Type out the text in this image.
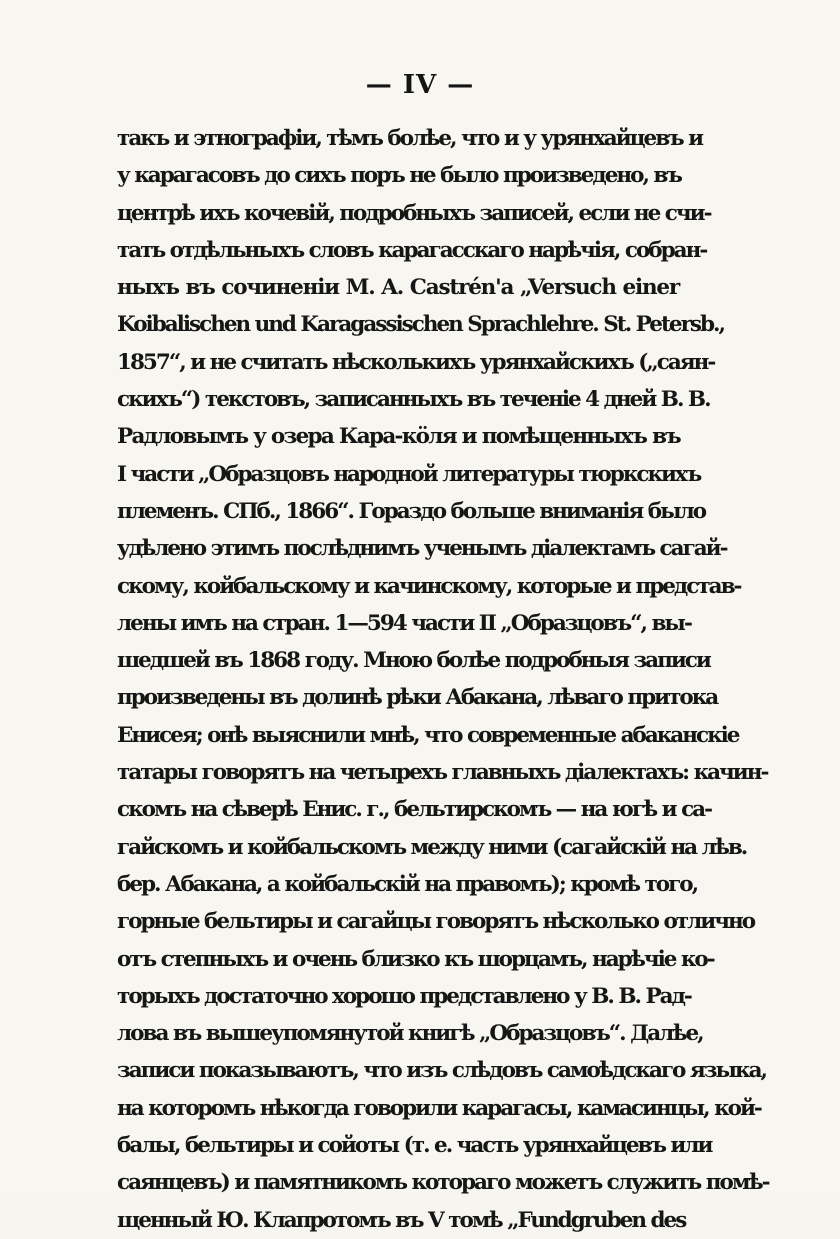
— IV —
такъ и этнографіи, тѣмъ болѣе, что и у урянхайцевъ и
у карагасовъ до сихъ поръ не было произведено, въ
центрѣ ихъ кочевій, подробныхъ записей, если не счи-
тать отдѣльныхъ словъ карагасскаго нарѣчія, собран-
ныхъ въ сочиненіи M. A. Castrén'a „Versuch einer
Koibalischen und Karagassischen Sprachlehre. St. Petersb.,
1857“, и не считать нѣсколькихъ урянхайскихъ („саян-
скихъ“) текстовъ, записанныхъ въ теченіе 4 дней В. В.
Радловымъ у озера Кара-кӧля и помѣщенныхъ въ
I части „Образцовъ народной литературы тюркскихъ
племенъ. СПб., 1866“. Гораздо больше вниманія было
удѣлено этимъ послѣднимъ ученымъ діалектамъ сагай-
скому, койбальскому и качинскому, которые и представ-
лены имъ на стран. 1—594 части II „Образцовъ“, вы-
шедшей въ 1868 году. Мною болѣе подробныя записи
произведены въ долинѣ рѣки Абакана, лѣваго притока
Енисея; онѣ выяснили мнѣ, что современные абаканскіе
татары говорятъ на четырехъ главныхъ діалектахъ: качин-
скомъ на сѣверѣ Енис. г., бельтирскомъ — на югѣ и са-
гайскомъ и койбальскомъ между ними (сагайскій на лѣв.
бер. Абакана, а койбальскій на правомъ); кромѣ того,
горные бельтиры и сагайцы говорятъ нѣсколько отлично
отъ степныхъ и очень близко къ шорцамъ, нарѣчіе ко-
торыхъ достаточно хорошо представлено у В. В. Рад-
лова въ вышеупомянутой книгѣ „Образцовъ“. Далѣе,
записи показываютъ, что изъ слѣдовъ самоѣдскаго языка,
на которомъ нѣкогда говорили карагасы, камасинцы, кой-
балы, бельтиры и сойоты (т. е. часть урянхайцевъ или
саянцевъ) и памятникомъ котораго можетъ служить помѣ-
щенный Ю. Клапротомъ въ V томѣ „Fundgruben des
